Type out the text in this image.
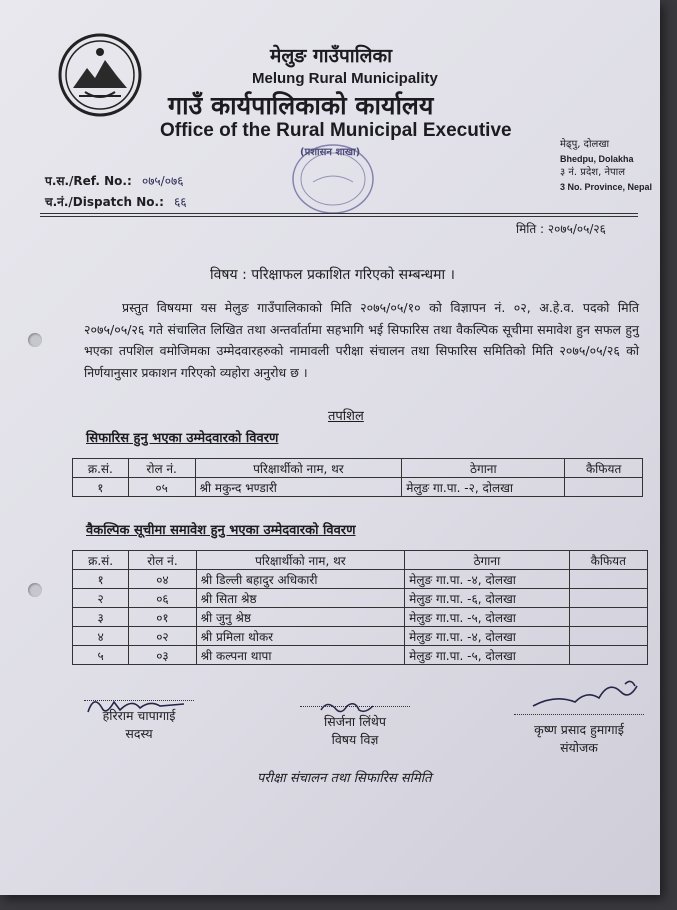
मेलुङ गाउँपालिका
Melung Rural Municipality
गाउँ कार्यपालिकाको कार्यालय
Office of the Rural Municipal Executive
(प्रशासन शाखा)
मेढ्पु, दोलखा
Bhedpu, Dolakha
३ नं. प्रदेश, नेपाल
3 No. Province, Nepal
प.स./Ref. No.: ०७५/०७६
च.नं./Dispatch No.: ६६
मिति : २०७५/०५/२६
विषय : परिक्षाफल प्रकाशित गरिएको सम्बन्धमा ।
प्रस्तुत विषयमा यस मेलुङ गाउँपालिकाको मिति २०७५/०५/१० को विज्ञापन नं. ०२, अ.हे.व. पदको मिति २०७५/०५/२६ गते संचालित लिखित तथा अन्तर्वार्तामा सहभागि भई सिफारिस तथा वैकल्पिक सूचीमा समावेश हुन सफल हुनु भएका तपशिल वमोजिमका उम्मेदवारहरुको नामावली परीक्षा संचालन तथा सिफारिस समितिको मिति २०७५/०५/२६ को निर्णयानुसार प्रकाशन गरिएको व्यहोरा अनुरोध छ ।
तपशिल
सिफारिस हुनु भएका उम्मेदवारको विवरण
क्र.सं.	रोल नं.	परिक्षार्थीको नाम, थर	ठेगाना	कैफियत
१	०५	श्री मकुन्द भण्डारी	मेलुङ गा.पा. -२, दोलखा	
वैकल्पिक सूचीमा समावेश हुनु भएका उम्मेदवारको विवरण
क्र.सं.	रोल नं.	परिक्षार्थीको नाम, थर	ठेगाना	कैफियत
१	०४	श्री डिल्ली बहादुर अधिकारी	मेलुङ गा.पा. -४, दोलखा	
२	०६	श्री सिता श्रेष्ठ	मेलुङ गा.पा. -६, दोलखा	
३	०१	श्री जुनु श्रेष्ठ	मेलुङ गा.पा. -५, दोलखा	
४	०२	श्री प्रमिला थोकर	मेलुङ गा.पा. -४, दोलखा	
५	०३	श्री कल्पना थापा	मेलुङ गा.पा. -५, दोलखा	
हरिराम चापागाई
सदस्य
सिर्जना लिंथेप
विषय विज्ञ
कृष्ण प्रसाद हुमागाई
संयोजक
परीक्षा संचालन तथा सिफारिस समिति
